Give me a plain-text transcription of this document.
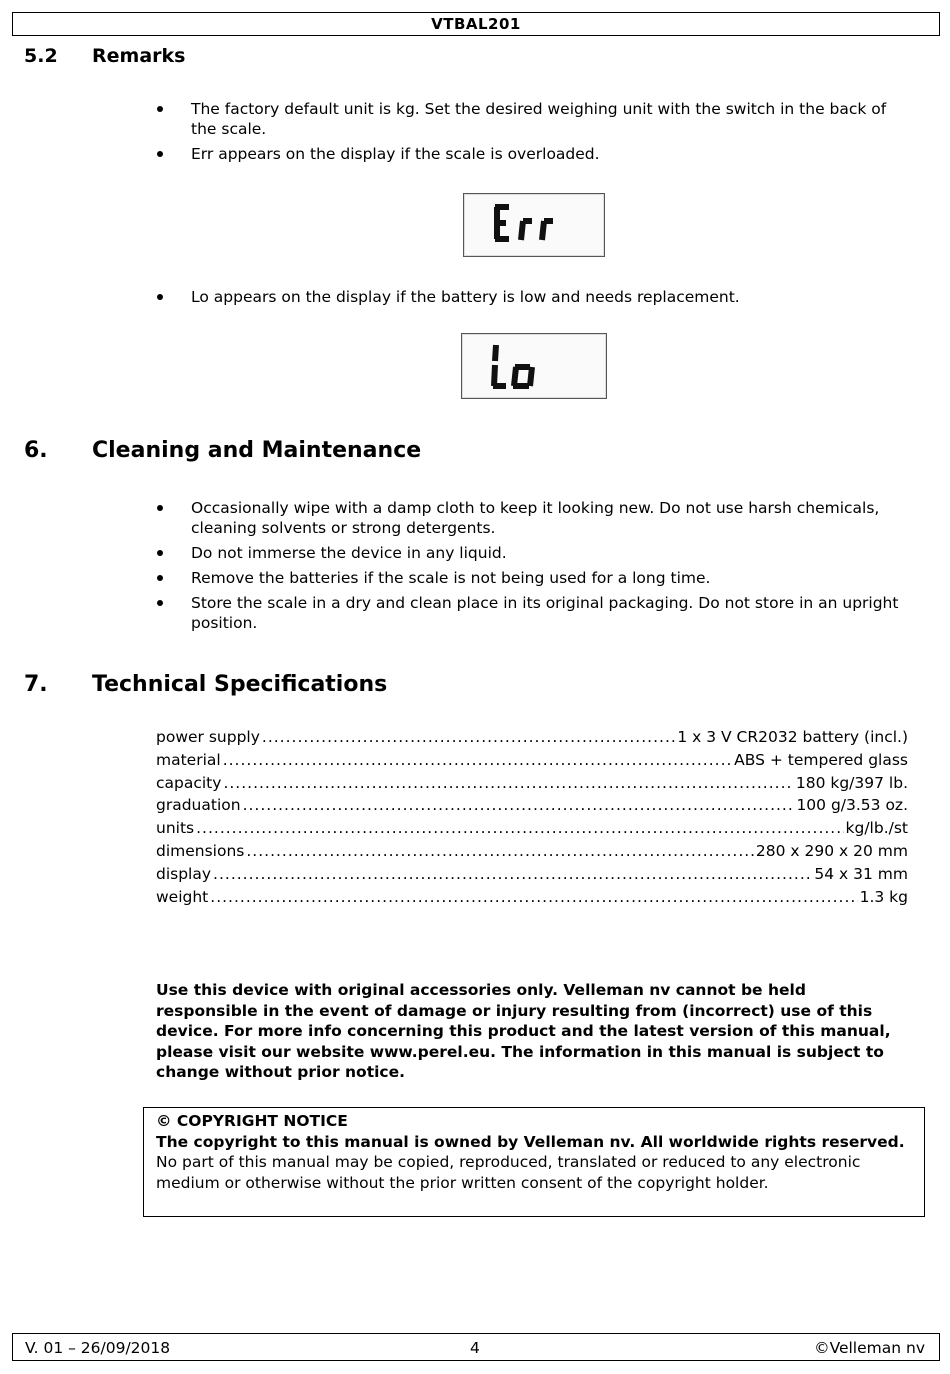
VTBAL201
5.2 Remarks
The factory default unit is kg. Set the desired weighing unit with the switch in the back of the scale.
Err appears on the display if the scale is overloaded.
Lo appears on the display if the battery is low and needs replacement.
6. Cleaning and Maintenance
Occasionally wipe with a damp cloth to keep it looking new. Do not use harsh chemicals, cleaning solvents or strong detergents.
Do not immerse the device in any liquid.
Remove the batteries if the scale is not being used for a long time.
Store the scale in a dry and clean place in its original packaging. Do not store in an upright position.
7. Technical Specifications
power supply .....	1 x 3 V CR2032 battery (incl.)
material .....	ABS + tempered glass
capacity .....	180 kg/397 lb.
graduation .....	100 g/3.53 oz.
units .....	kg/lb./st
dimensions .....	280 x 290 x 20 mm
display .....	54 x 31 mm
weight .....	1.3 kg
Use this device with original accessories only. Velleman nv cannot be held responsible in the event of damage or injury resulting from (incorrect) use of this device. For more info concerning this product and the latest version of this manual, please visit our website www.perel.eu. The information in this manual is subject to change without prior notice.
© COPYRIGHT NOTICE
The copyright to this manual is owned by Velleman nv. All worldwide rights reserved. No part of this manual may be copied, reproduced, translated or reduced to any electronic medium or otherwise without the prior written consent of the copyright holder.
V. 01 – 26/09/2018	4	©Velleman nv
